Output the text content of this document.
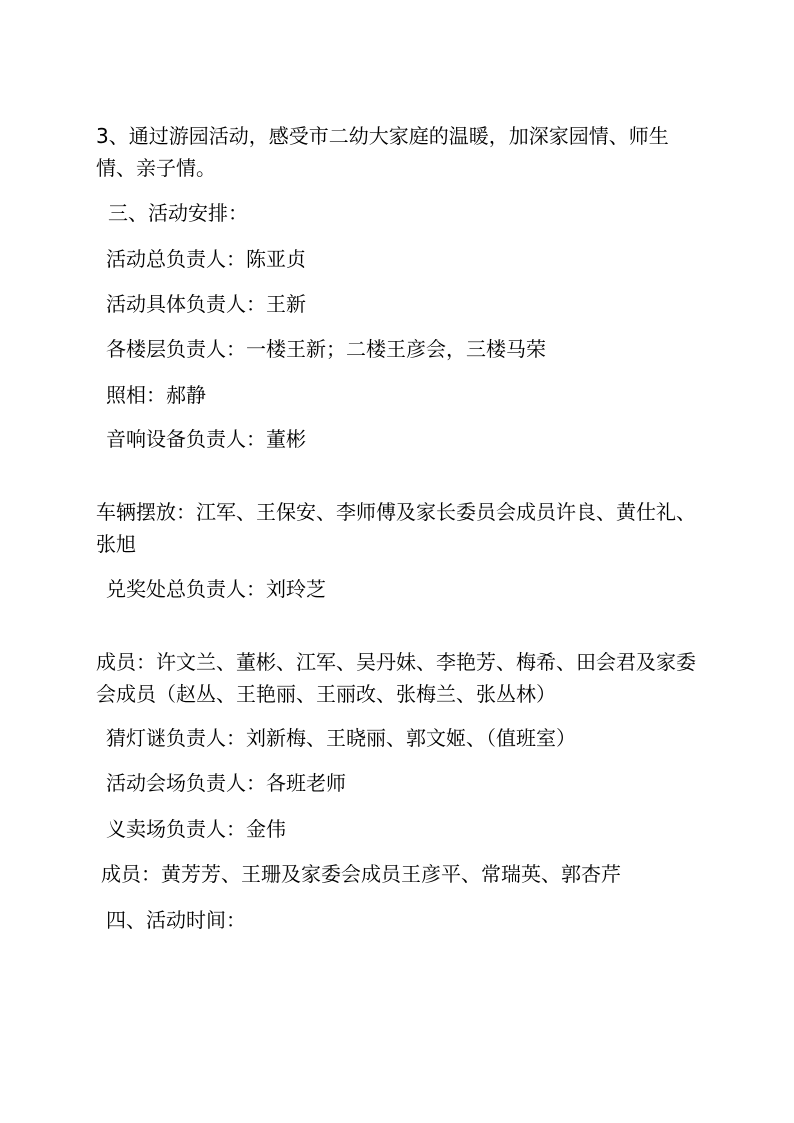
3、通过游园活动，感受市二幼大家庭的温暖，加深家园情、师生情、亲子情。
三、活动安排：
活动总负责人：陈亚贞
活动具体负责人：王新
各楼层负责人：一楼王新；二楼王彦会，三楼马荣
照相：郝静
音响设备负责人：董彬
车辆摆放：江军、王保安、李师傅及家长委员会成员许良、黄仕礼、张旭
兑奖处总负责人：刘玲芝
成员：许文兰、董彬、江军、吴丹妹、李艳芳、梅希、田会君及家委会成员（赵丛、王艳丽、王丽改、张梅兰、张丛林）
猜灯谜负责人：刘新梅、王晓丽、郭文姬、（值班室）
活动会场负责人：各班老师
义卖场负责人：金伟
成员：黄芳芳、王珊及家委会成员王彦平、常瑞英、郭杏芹
四、活动时间：
